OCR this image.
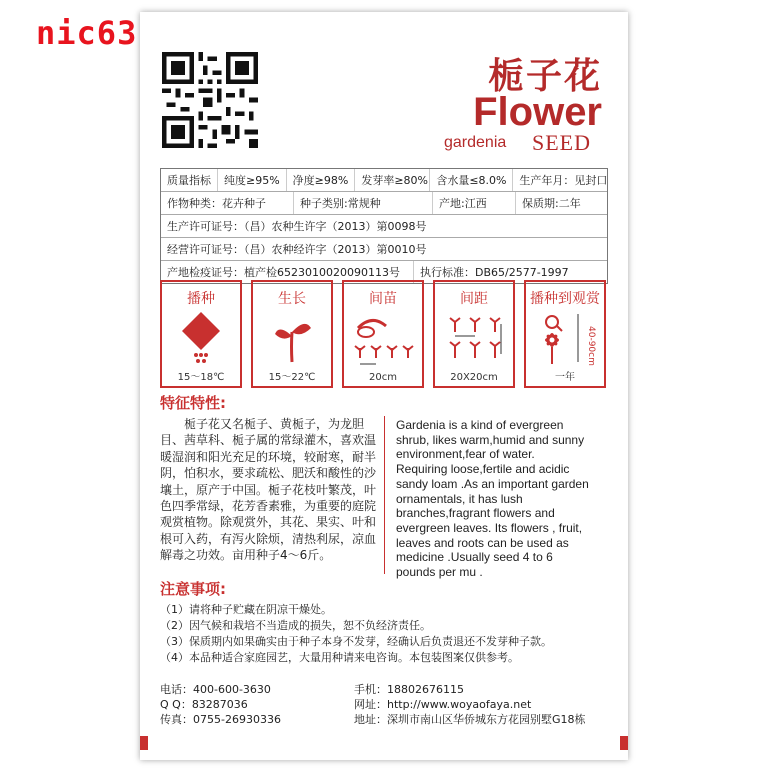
nic63
栀子花
Flower
gardenia SEED
质量指标	纯度≥95%	净度≥98%	发芽率≥80% 含水量≤8.0%	生产年月：见封口
作物种类：花卉种子	种子类别:常规种	产地:江西	保质期:二年
生产许可证号：（昌）农种生许字（2013）第0098号
经营许可证号：（昌）农种经许字（2013）第0010号
产地检疫证号：植产检6523010020090113号	执行标准：DB65/2577-1997
播种
15～18℃
生长
15～22℃
间苗
20cm
间距
20X20cm
播种到观赏
40-90cm
一年
特征特性:
栀子花又名栀子、黄栀子，为龙胆目、茜草科、栀子属的常绿灌木，喜欢温暖湿润和阳光充足的环境，较耐寒，耐半阴，怕积水，要求疏松、肥沃和酸性的沙壤土，原产于中国。栀子花枝叶繁茂，叶色四季常绿，花芳香素雅，为重要的庭院观赏植物。除观赏外，其花、果实、叶和根可入药，有泻火除烦，清热利尿，凉血解毒之功效。亩用种子4～6斤。
Gardenia is a kind of evergreen
shrub, likes warm,humid and sunny
environment,fear of water.
Requiring loose,fertile and acidic
sandy loam .As an important garden
ornamentals, it has lush
branches,fragrant flowers and
evergreen leaves. Its flowers , fruit,
leaves and roots can be used as
medicine .Usually seed 4 to 6
pounds per mu .
注意事项:
（1）请将种子贮藏在阴凉干燥处。
（2）因气候和栽培不当造成的损失，恕不负经济责任。
（3）保质期内如果确实由于种子本身不发芽，经确认后负责退还不发芽种子款。
（4）本品种适合家庭园艺，大量用种请来电咨询。本包装图案仅供参考。
电话：400-600-3630
Q Q：83287036
传真：0755-26930336
手机：18802676115
网址：http://www.woyaofaya.net
地址：深圳市南山区华侨城东方花园别墅G18栋
